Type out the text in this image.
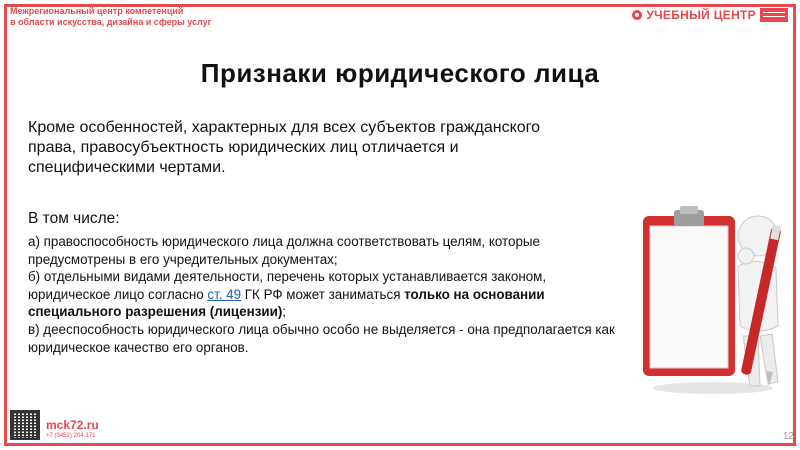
Межрегиональный центр компетенций
в области искусства, дизайна и сферы услуг	УЧЕБНЫЙ ЦЕНТР
Признаки юридического лица
Кроме особенностей, характерных для всех субъектов гражданского права, правосубъектность юридических лиц отличается и специфическими чертами.
В том числе:
а) правоспособность юридического лица должна соответствовать целям, которые предусмотрены в его учредительных документах;
б) отдельными видами деятельности, перечень которых устанавливается законом, юридическое лицо согласно ст. 49 ГК РФ может заниматься только на основании специального разрешения (лицензии);
в) дееспособность юридического лица обычно особо не выделяется - она предполагается как юридическое качество его органов.
mck72.ru
+7 (3452) 204-171	12
